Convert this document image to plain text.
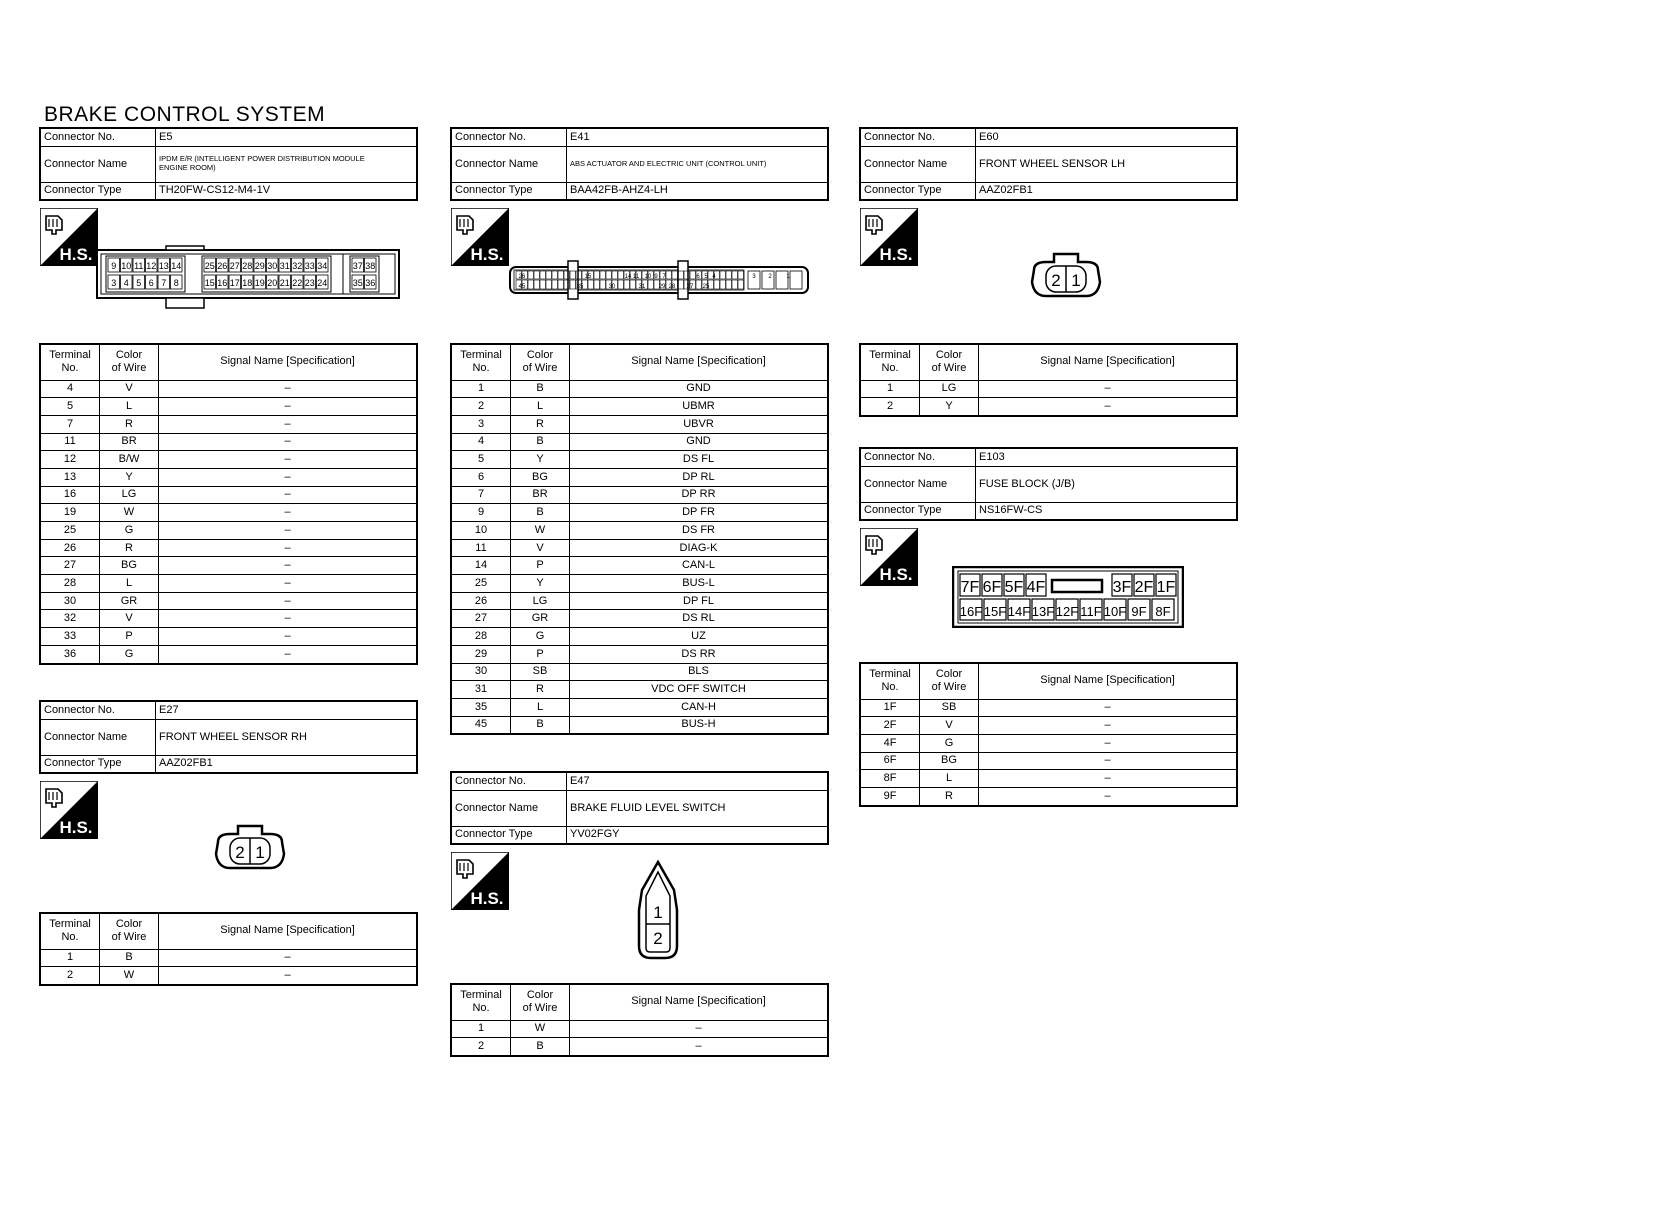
BRAKE CONTROL SYSTEM
Connector No.	E5
Connector Name	IPDM E/R (INTELLIGENT POWER DISTRIBUTION MODULE
ENGINE ROOM)
Connector Type	TH20FW-CS12-M4-1V
H.S.
9
3
10
4
11
5
12
6
13
7
14
8
25
15
26
16
27
17
28
18
29
19
30
20
31
21
32
22
33
23
34
24
37
35
38
36
Terminal
No.	Color
of Wire	Signal Name [Specification]
4	V	–
5	L	–
7	R	–
11	BR	–
12	B/W	–
13	Y	–
16	LG	–
19	W	–
25	G	–
26	R	–
27	BG	–
28	L	–
30	GR	–
32	V	–
33	P	–
36	G	–
Connector No.	E27
Connector Name	FRONT WHEEL SENSOR RH
Connector Type	AAZ02FB1
H.S.
2 1
Terminal
No.	Color
of Wire	Signal Name [Specification]
1	B	–
2	W	–
Connector No.	E41
Connector Name	ABS ACTUATOR AND ELECTRIC UNIT (CONTROL UNIT)
Connector Type	BAA42FB-AHZ4-LH
H.S.
26	15	14 11 10 9 7	6 5 4	3 2 1
45	35	30	31 29 28 27 25
Terminal
No.	Color
of Wire	Signal Name [Specification]
1	B	GND
2	L	UBMR
3	R	UBVR
4	B	GND
5	Y	DS FL
6	BG	DP RL
7	BR	DP RR
9	B	DP FR
10	W	DS FR
11	V	DIAG-K
14	P	CAN-L
25	Y	BUS-L
26	LG	DP FL
27	GR	DS RL
28	G	UZ
29	P	DS RR
30	SB	BLS
31	R	VDC OFF SWITCH
35	L	CAN-H
45	B	BUS-H
Connector No.	E47
Connector Name	BRAKE FLUID LEVEL SWITCH
Connector Type	YV02FGY
H.S.
1
2
Terminal
No.	Color
of Wire	Signal Name [Specification]
1	W	–
2	B	–
Connector No.	E60
Connector Name	FRONT WHEEL SENSOR LH
Connector Type	AAZ02FB1
H.S.
2 1
Terminal
No.	Color
of Wire	Signal Name [Specification]
1	LG	–
2	Y	–
Connector No.	E103
Connector Name	FUSE BLOCK (J/B)
Connector Type	NS16FW-CS
H.S.
7F 6F 5F 4F	3F 2F 1F
16F 15F 14F 13F 12F 11F 10F 9F 8F
Terminal
No.	Color
of Wire	Signal Name [Specification]
1F	SB	–
2F	V	–
4F	G	–
6F	BG	–
8F	L	–
9F	R	–
